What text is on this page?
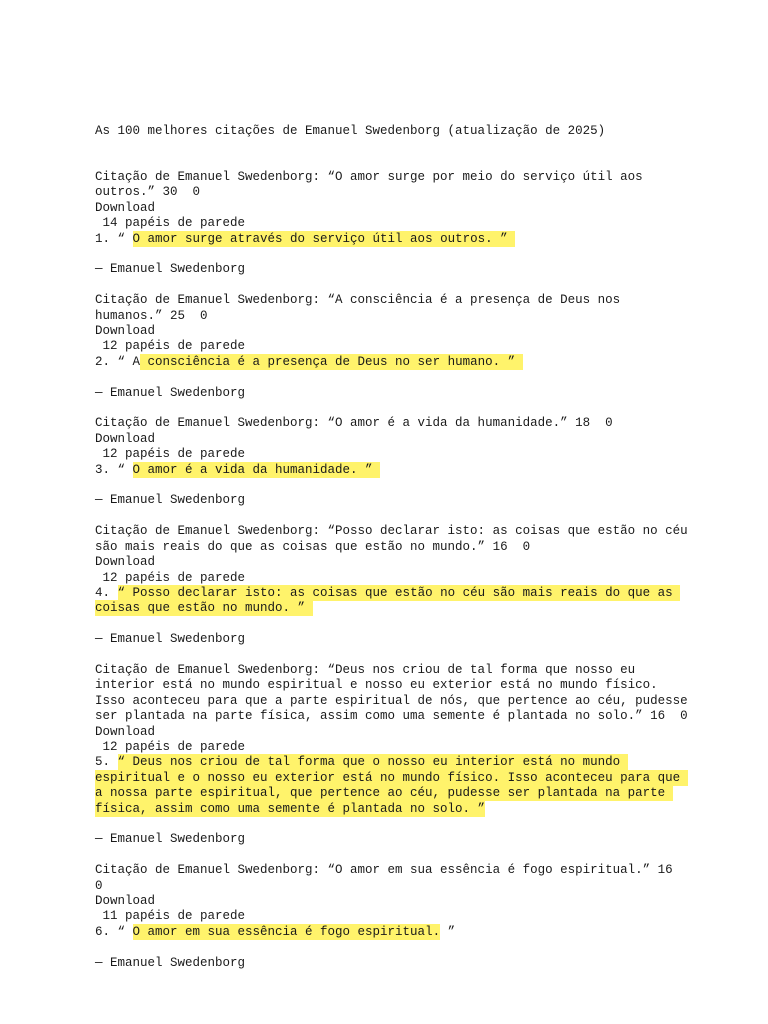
As 100 melhores citações de Emanuel Swedenborg (atualização de 2025)

Citação de Emanuel Swedenborg: “O amor surge por meio do serviço útil aos outros.” 30  0
Download
14 papéis de parede
1. “ O amor surge através do serviço útil aos outros. ”
— Emanuel Swedenborg
Citação de Emanuel Swedenborg: “A consciência é a presença de Deus nos humanos.” 25  0
Download
12 papéis de parede
2. “ A consciência é a presença de Deus no ser humano. ”
— Emanuel Swedenborg
Citação de Emanuel Swedenborg: “O amor é a vida da humanidade.” 18  0
Download
12 papéis de parede
3. “ O amor é a vida da humanidade. ”
— Emanuel Swedenborg
Citação de Emanuel Swedenborg: “Posso declarar isto: as coisas que estão no céu são mais reais do que as coisas que estão no mundo.” 16  0
Download
12 papéis de parede
4. “ Posso declarar isto: as coisas que estão no céu são mais reais do que as coisas que estão no mundo. ”
— Emanuel Swedenborg
Citação de Emanuel Swedenborg: “Deus nos criou de tal forma que nosso eu interior está no mundo espiritual e nosso eu exterior está no mundo físico. Isso aconteceu para que a parte espiritual de nós, que pertence ao céu, pudesse ser plantada na parte física, assim como uma semente é plantada no solo.” 16  0
Download
12 papéis de parede
5. “ Deus nos criou de tal forma que o nosso eu interior está no mundo espiritual e o nosso eu exterior está no mundo físico. Isso aconteceu para que a nossa parte espiritual, que pertence ao céu, pudesse ser plantada na parte física, assim como uma semente é plantada no solo. ”
— Emanuel Swedenborg
Citação de Emanuel Swedenborg: “O amor em sua essência é fogo espiritual.” 16  0
Download
11 papéis de parede
6. “ O amor em sua essência é fogo espiritual. ”
— Emanuel Swedenborg
